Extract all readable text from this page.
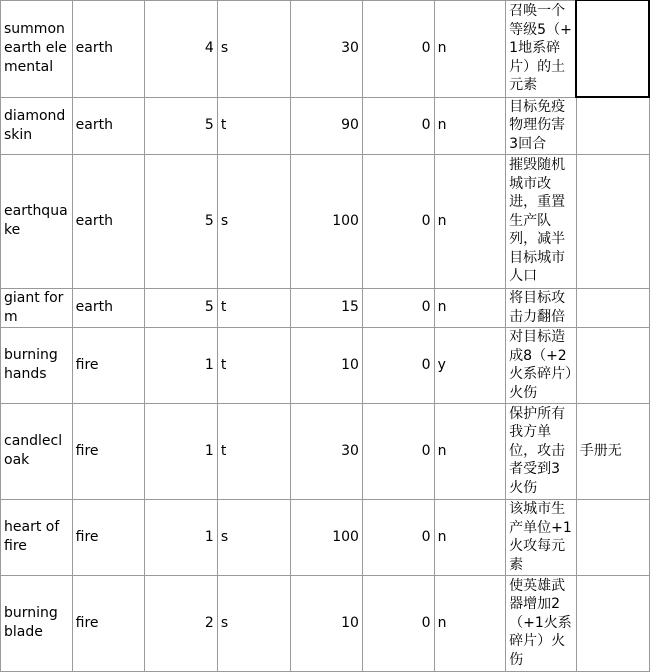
summon earth elemental	earth	4	s	30	0	n	召唤一个等级5（+1地系碎片）的土元素	
diamond skin	earth	5	t	90	0	n	目标免疫物理伤害3回合	
earthquake	earth	5	s	100	0	n	摧毁随机城市改进，重置生产队列，减半目标城市人口	
giant form	earth	5	t	15	0	n	将目标攻击力翻倍	
burning hands	fire	1	t	10	0	y	对目标造成8（+2火系碎片）火伤	
candlecloak	fire	1	t	30	0	n	保护所有我方单位，攻击者受到3火伤	手册无
heart of fire	fire	1	s	100	0	n	该城市生产单位+1火攻每元素	
burning blade	fire	2	s	10	0	n	使英雄武器增加2（+1火系碎片）火伤	
